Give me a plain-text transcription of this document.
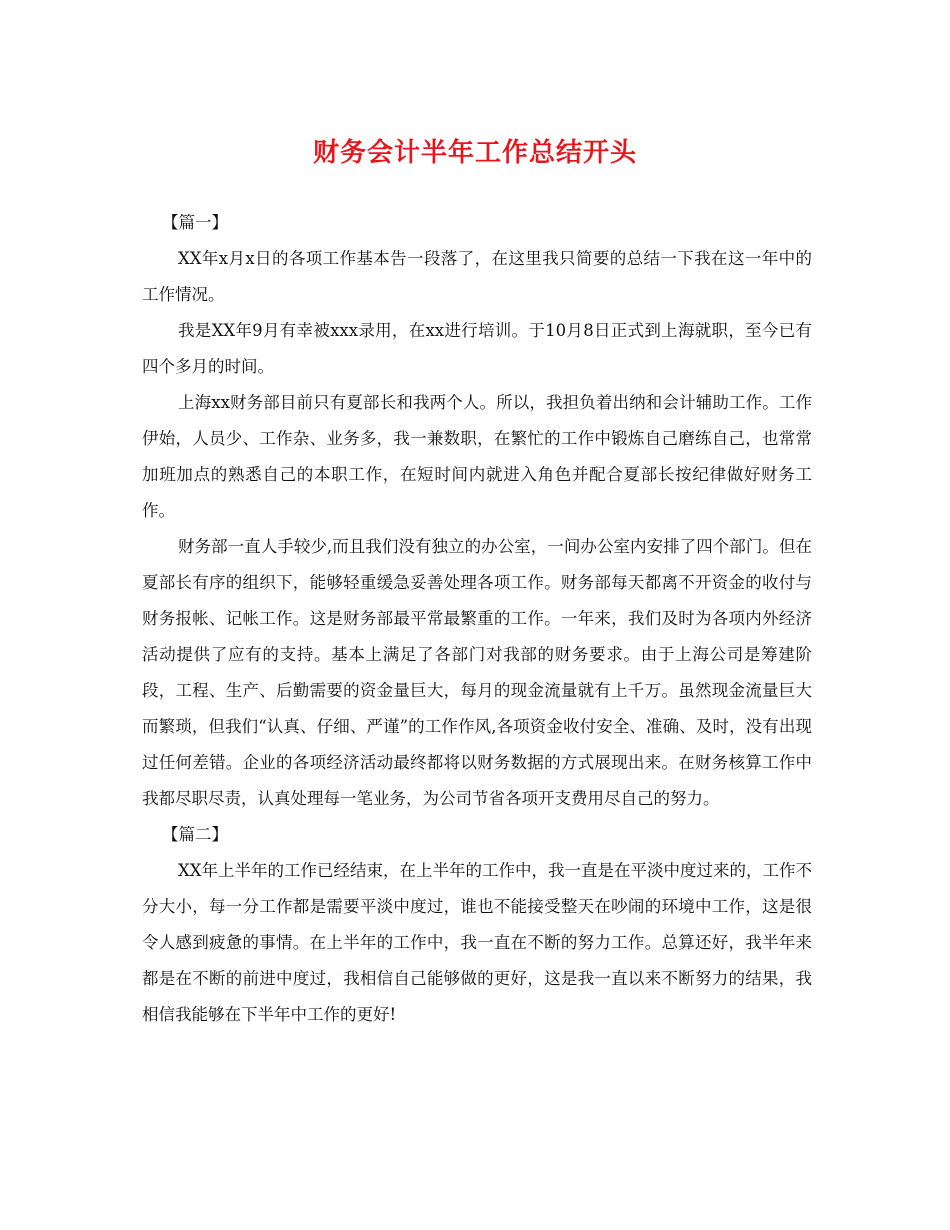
财务会计半年工作总结开头

【篇一】

XX年x月x日的各项工作基本告一段落了，在这里我只简要的总结一下我在这一年中的工作情况。

我是XX年9月有幸被xxx录用，在xx进行培训。于10月8日正式到上海就职，至今已有四个多月的时间。

上海xx财务部目前只有夏部长和我两个人。所以，我担负着出纳和会计辅助工作。工作伊始，人员少、工作杂、业务多，我一兼数职，在繁忙的工作中锻炼自己磨练自己，也常常加班加点的熟悉自己的本职工作，在短时间内就进入角色并配合夏部长按纪律做好财务工作。

财务部一直人手较少,而且我们没有独立的办公室，一间办公室内安排了四个部门。但在夏部长有序的组织下，能够轻重缓急妥善处理各项工作。财务部每天都离不开资金的收付与财务报帐、记帐工作。这是财务部最平常最繁重的工作。一年来，我们及时为各项内外经济活动提供了应有的支持。基本上满足了各部门对我部的财务要求。由于上海公司是筹建阶段，工程、生产、后勤需要的资金量巨大，每月的现金流量就有上千万。虽然现金流量巨大而繁琐，但我们“认真、仔细、严谨”的工作作风,各项资金收付安全、准确、及时，没有出现过任何差错。企业的各项经济活动最终都将以财务数据的方式展现出来。在财务核算工作中我都尽职尽责，认真处理每一笔业务，为公司节省各项开支费用尽自己的努力。

【篇二】

XX年上半年的工作已经结束，在上半年的工作中，我一直是在平淡中度过来的，工作不分大小，每一分工作都是需要平淡中度过，谁也不能接受整天在吵闹的环境中工作，这是很令人感到疲惫的事情。在上半年的工作中，我一直在不断的努力工作。总算还好，我半年来都是在不断的前进中度过，我相信自己能够做的更好，这是我一直以来不断努力的结果，我相信我能够在下半年中工作的更好!
